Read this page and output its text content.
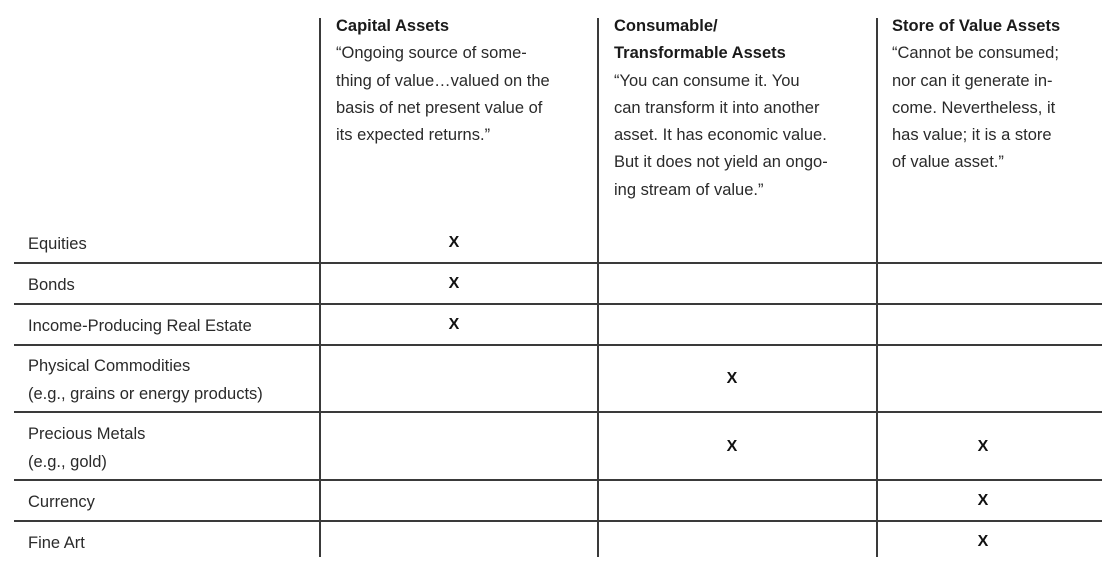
Capital Assets
“Ongoing source of some-
thing of value…valued on the
basis of net present value of
its expected returns.”
Consumable/
Transformable Assets
“You can consume it. You
can transform it into another
asset. It has economic value.
But it does not yield an ongo-
ing stream of value.”
Store of Value Assets
“Cannot be consumed;
nor can it generate in-
come. Nevertheless, it
has value; it is a store
of value asset.”
Equities
Bonds
Income-Producing Real Estate
Physical Commodities
(e.g., grains or energy products)
Precious Metals
(e.g., gold)
Currency
Fine Art
X
X
X
X
X	X
X
X
